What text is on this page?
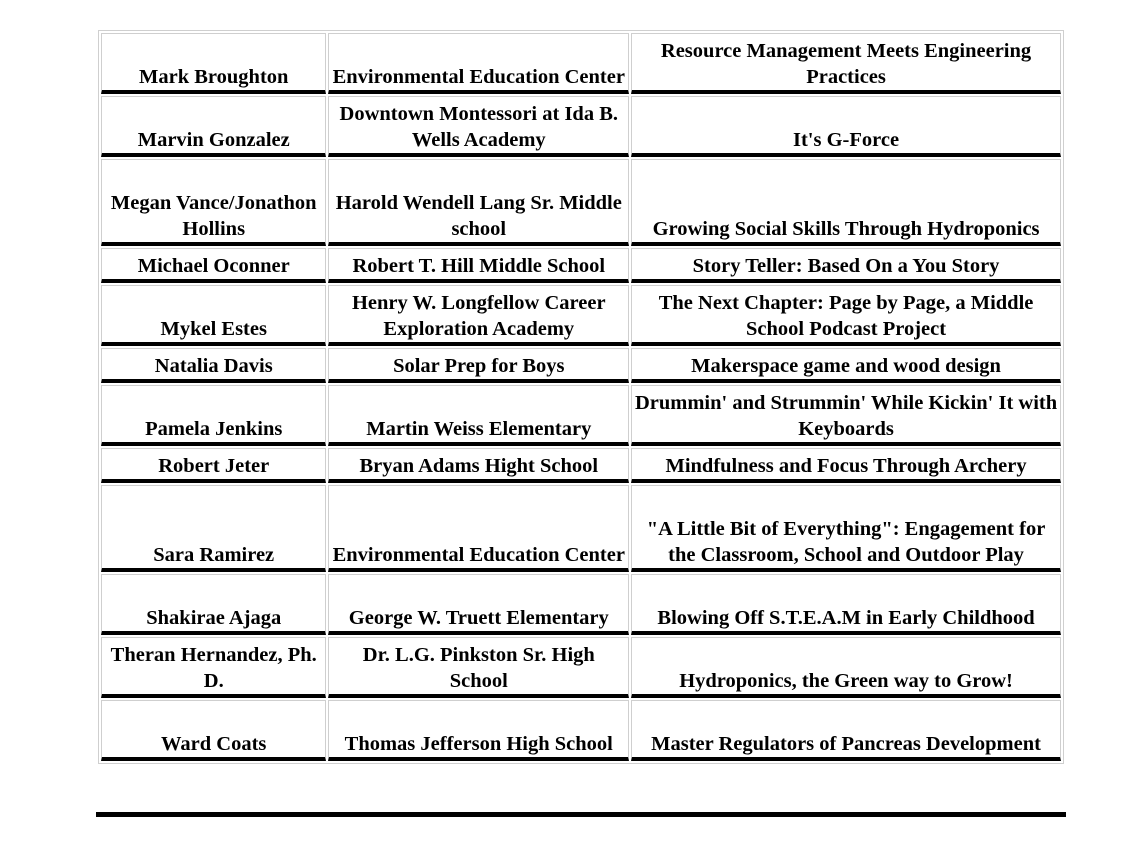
Mark Broughton	Environmental Education Center	Resource Management Meets Engineering Practices
Marvin Gonzalez	Downtown Montessori at Ida B. Wells Academy	It's G-Force
Megan Vance/Jonathon Hollins	Harold Wendell Lang Sr. Middle school	Growing Social Skills Through Hydroponics
Michael Oconner	Robert T. Hill Middle School	Story Teller: Based On a You Story
Mykel Estes	Henry W. Longfellow Career Exploration Academy	The Next Chapter: Page by Page, a Middle School Podcast Project
Natalia Davis	Solar Prep for Boys	Makerspace game and wood design
Pamela Jenkins	Martin Weiss Elementary	Drummin' and Strummin' While Kickin' It with Keyboards
Robert Jeter	Bryan Adams Hight School	Mindfulness and Focus Through Archery
Sara Ramirez	Environmental Education Center	"A Little Bit of Everything": Engagement for the Classroom, School and Outdoor Play
Shakirae Ajaga	George W. Truett Elementary	Blowing Off S.T.E.A.M in Early Childhood
Theran Hernandez, Ph. D.	Dr. L.G. Pinkston Sr. High School	Hydroponics, the Green way to Grow!
Ward Coats	Thomas Jefferson High School	Master Regulators of Pancreas Development
